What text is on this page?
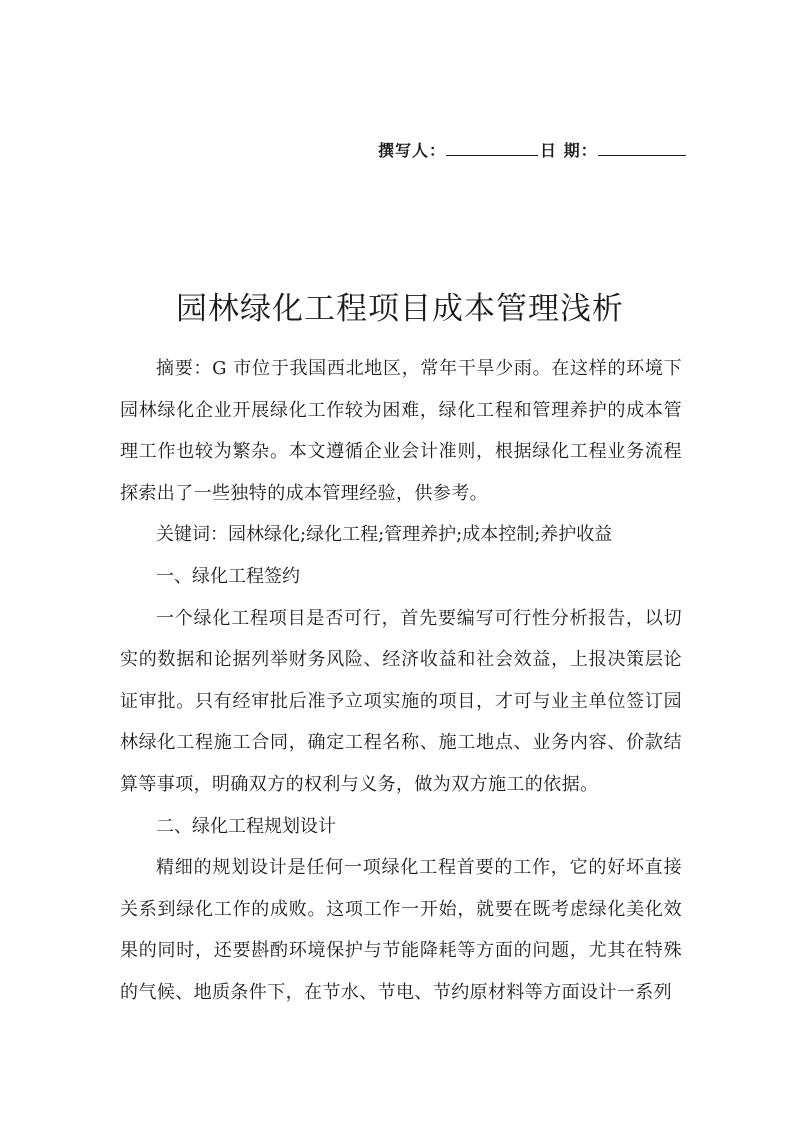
撰写人：	日 期：
园林绿化工程项目成本管理浅析

摘要：G 市位于我国西北地区，常年干旱少雨。在这样的环境下园林绿化企业开展绿化工作较为困难，绿化工程和管理养护的成本管理工作也较为繁杂。本文遵循企业会计准则，根据绿化工程业务流程探索出了一些独特的成本管理经验，供参考。

关键词：园林绿化;绿化工程;管理养护;成本控制;养护收益

一、绿化工程签约

一个绿化工程项目是否可行，首先要编写可行性分析报告，以切实的数据和论据列举财务风险、经济收益和社会效益，上报决策层论证审批。只有经审批后准予立项实施的项目，才可与业主单位签订园林绿化工程施工合同，确定工程名称、施工地点、业务内容、价款结算等事项，明确双方的权利与义务，做为双方施工的依据。

二、绿化工程规划设计

精细的规划设计是任何一项绿化工程首要的工作，它的好坏直接关系到绿化工作的成败。这项工作一开始，就要在既考虑绿化美化效果的同时，还要斟酌环境保护与节能降耗等方面的问题，尤其在特殊的气候、地质条件下，在节水、节电、节约原材料等方面设计一系列
